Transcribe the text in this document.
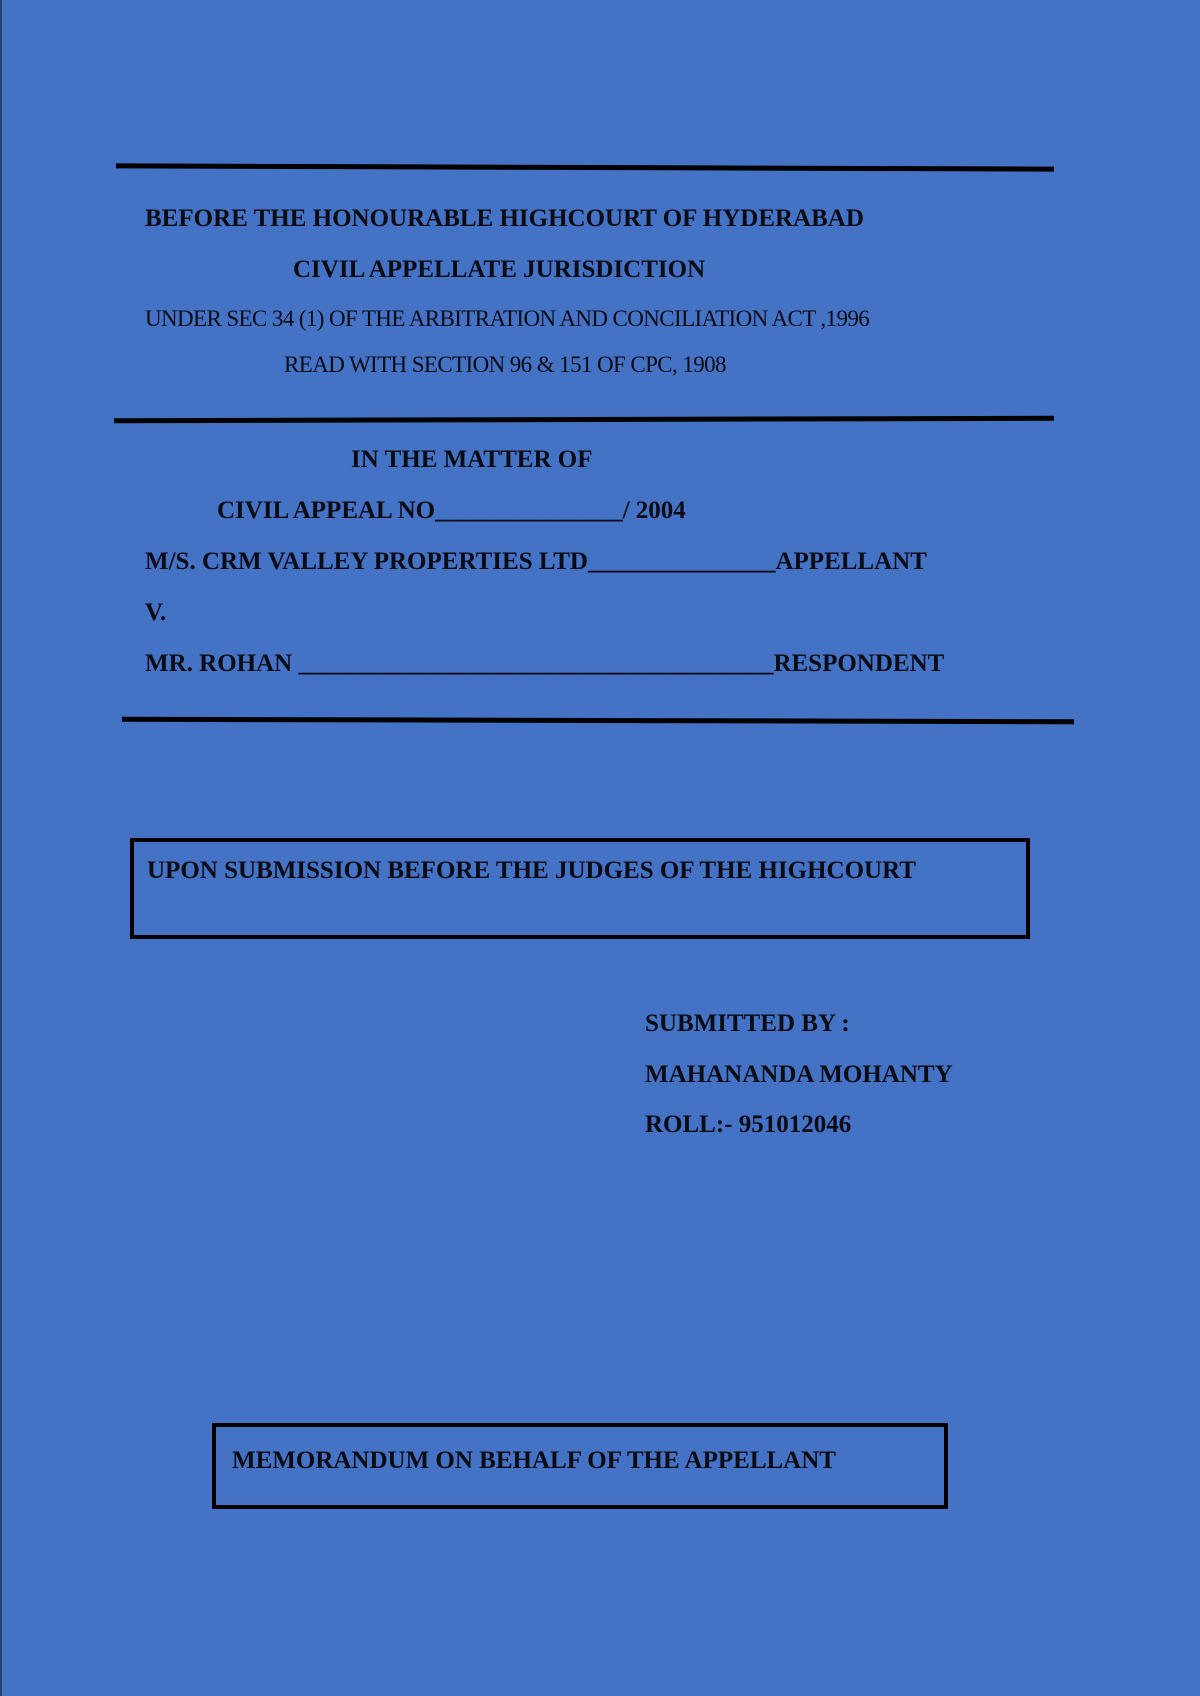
BEFORE THE HONOURABLE HIGHCOURT OF HYDERABAD
CIVIL APPELLATE JURISDICTION
UNDER SEC 34 (1) OF THE ARBITRATION AND CONCILIATION ACT ,1996
READ WITH SECTION 96 & 151 OF CPC, 1908
IN THE MATTER OF
CIVIL APPEAL NO_______________/ 2004
M/S. CRM VALLEY PROPERTIES LTD_______________APPELLANT
V.
MR. ROHAN ______________________________________RESPONDENT
UPON SUBMISSION BEFORE THE JUDGES OF THE HIGHCOURT
SUBMITTED BY :
MAHANANDA MOHANTY
ROLL:- 951012046
MEMORANDUM ON BEHALF OF THE APPELLANT
